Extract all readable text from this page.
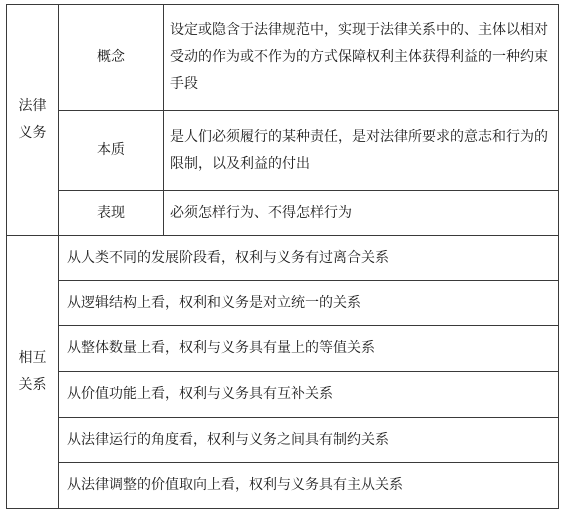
法律
义务
概念
设定或隐含于法律规范中，实现于法律关系中的、主体以相对受动的作为或不作为的方式保障权利主体获得利益的一种约束手段
本质
是人们必须履行的某种责任，是对法律所要求的意志和行为的限制，以及利益的付出
表现	必须怎样行为、不得怎样行为
相互
关系
从人类不同的发展阶段看，权利与义务有过离合关系
从逻辑结构上看，权利和义务是对立统一的关系
从整体数量上看，权利与义务具有量上的等值关系
从价值功能上看，权利与义务具有互补关系
从法律运行的角度看，权利与义务之间具有制约关系
从法律调整的价值取向上看，权利与义务具有主从关系
